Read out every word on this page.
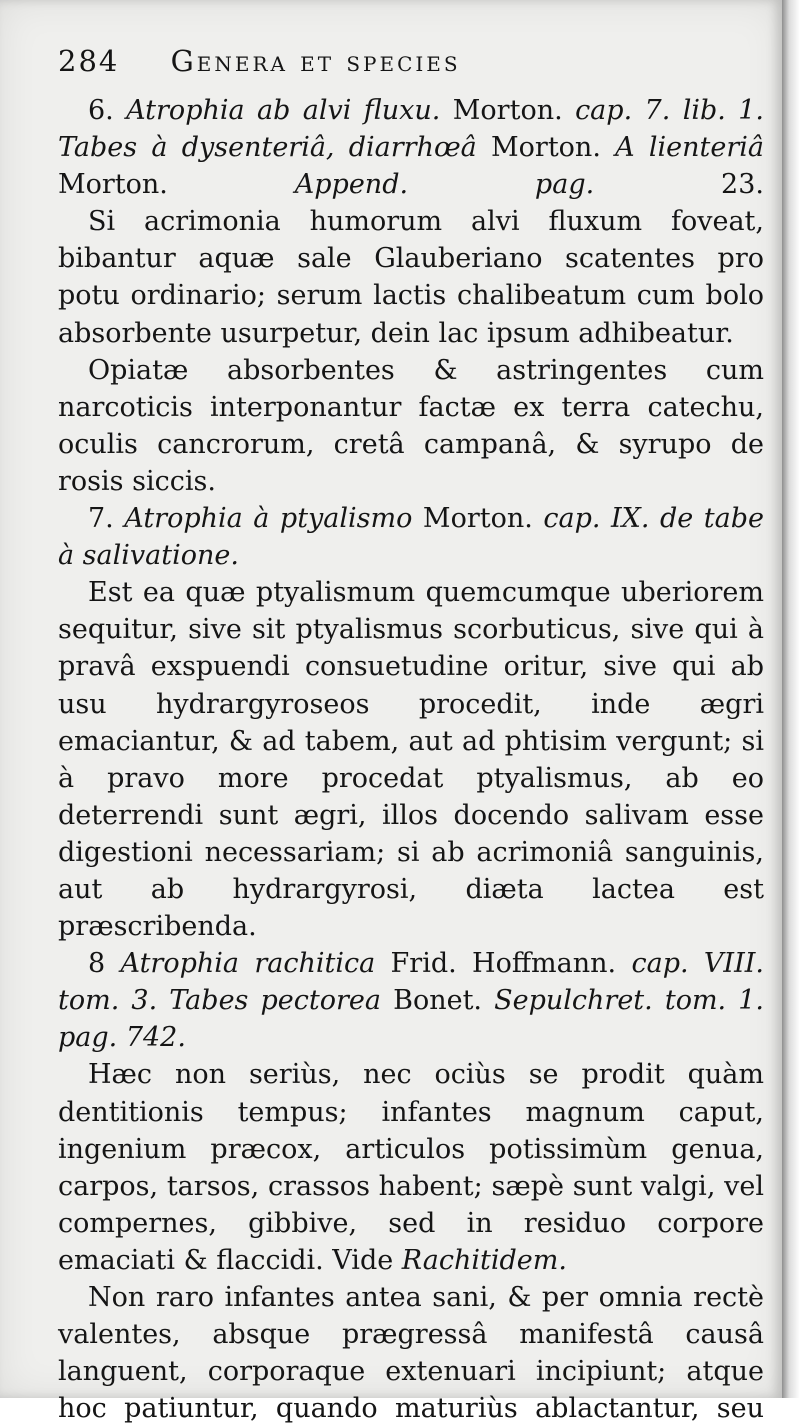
284 Genera et species

6. Atrophia ab alvi fluxu. Morton. cap. 7. lib. 1. Tabes à dysenteriâ, diarrhœâ Morton. A lienteriâ Morton. Append. pag. 23.

Si acrimonia humorum alvi fluxum foveat, bibantur aquæ sale Glauberiano scatentes pro potu ordinario; serum lactis chalibeatum cum bolo absorbente usurpetur, dein lac ipsum adhibeatur.

Opiatæ absorbentes & astringentes cum narcoticis interponantur factæ ex terra catechu, oculis cancrorum, cretâ campanâ, & syrupo de rosis siccis.

7. Atrophia à ptyalismo Morton. cap. IX. de tabe à salivatione.

Est ea quæ ptyalismum quemcumque uberiorem sequitur, sive sit ptyalismus scorbuticus, sive qui à pravâ exspuendi consuetudine oritur, sive qui ab usu hydrargyroseos procedit, inde ægri emaciantur, & ad tabem, aut ad phtisim vergunt; si à pravo more procedat ptyalismus, ab eo deterrendi sunt ægri, illos docendo salivam esse digestioni necessariam; si ab acrimoniâ sanguinis, aut ab hydrargyrosi, diæta lactea est præscribenda.

8 Atrophia rachitica Frid. Hoffmann. cap. VIII. tom. 3. Tabes pectorea Bonet. Sepulchret. tom. 1. pag. 742.

Hæc non seriùs, nec ociùs se prodit quàm dentitionis tempus; infantes magnum caput, ingenium præcox, articulos potissimùm genua, carpos, tarsos, crassos habent; sæpè sunt valgi, vel compernes, gibbive, sed in residuo corpore emaciati & flaccidi. Vide Rachitidem.

Non raro infantes antea sani, & per omnia rectè valentes, absque prægressâ manifestâ causâ languent, corporaque extenuari incipiunt; atque hoc patiuntur, quando maturiùs ablactantur, seu
